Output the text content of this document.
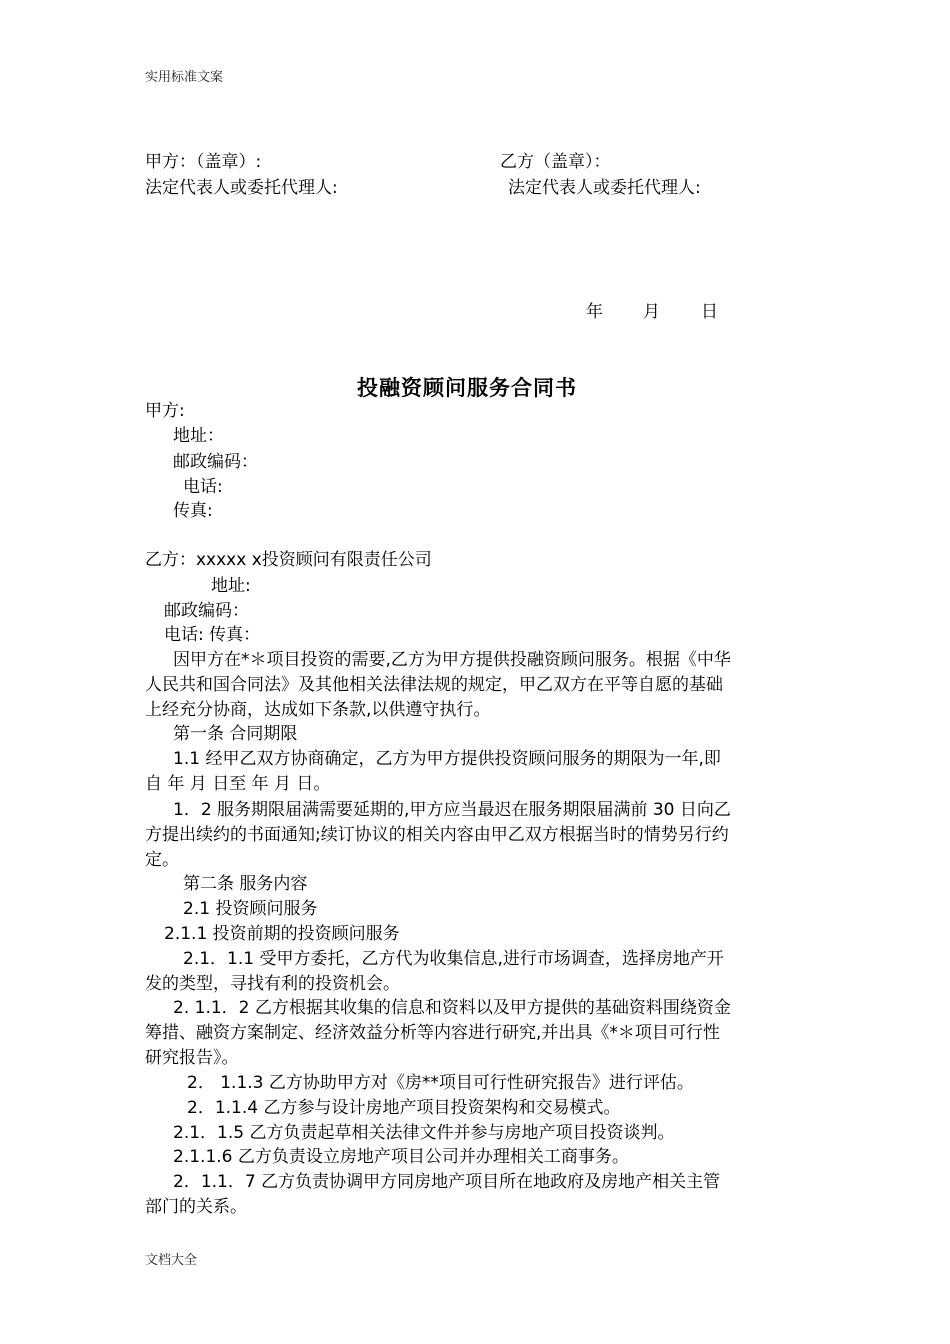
实用标准文案
甲方：（盖章）:	乙方（盖章）：
法定代表人或委托代理人:	法定代表人或委托代理人:
年 月 日
投融资顾问服务合同书
甲方:
地址：
邮政编码：
电话:
传真:
乙方：xxxxx x投资顾问有限责任公司
地址:
邮政编码：
电话: 传真：
因甲方在*＊项目投资的需要,乙方为甲方提供投融资顾问服务。根据《中华
人民共和国合同法》及其他相关法律法规的规定，甲乙双方在平等自愿的基础
上经充分协商，达成如下条款,以供遵守执行。
第一条 合同期限
1.1 经甲乙双方协商确定，乙方为甲方提供投资顾问服务的期限为一年,即
自 年 月 日至 年 月 日。
1．2 服务期限届满需要延期的,甲方应当最迟在服务期限届满前 30 日向乙
方提出续约的书面通知;续订协议的相关内容由甲乙双方根据当时的情势另行约
定。
第二条 服务内容
2.1 投资顾问服务
2.1.1 投资前期的投资顾问服务
2.1．1.1 受甲方委托，乙方代为收集信息,进行市场调查，选择房地产开
发的类型，寻找有利的投资机会。
2. 1.1．2 乙方根据其收集的信息和资料以及甲方提供的基础资料围绕资金
筹措、融资方案制定、经济效益分析等内容进行研究,并出具《*＊项目可行性
研究报告》。
2． 1.1.3 乙方协助甲方对《房**项目可行性研究报告》进行评估。
2．1.1.4 乙方参与设计房地产项目投资架构和交易模式。
2.1．1.5 乙方负责起草相关法律文件并参与房地产项目投资谈判。
2.1.1.6 乙方负责设立房地产项目公司并办理相关工商事务。
2．1.1．7 乙方负责协调甲方同房地产项目所在地政府及房地产相关主管
部门的关系。
文档大全
